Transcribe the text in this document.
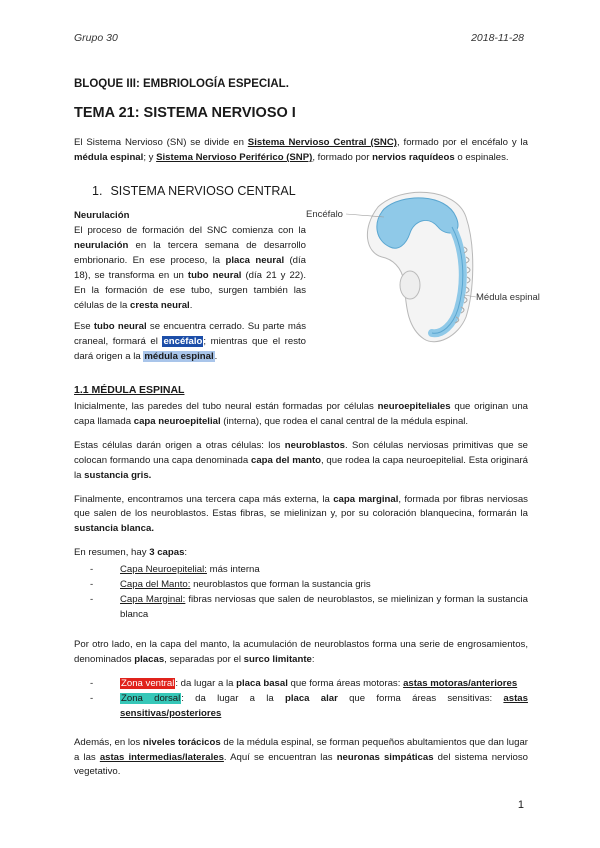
Grupo 30	2018-11-28
BLOQUE III: EMBRIOLOGÍA ESPECIAL.
TEMA 21: SISTEMA NERVIOSO I

El Sistema Nervioso (SN) se divide en Sistema Nervioso Central (SNC), formado por el encéfalo y la médula espinal; y Sistema Nervioso Periférico (SNP), formado por nervios raquídeos o espinales.

1. SISTEMA NERVIOSO CENTRAL
Neurulación

El proceso de formación del SNC comienza con la neurulación en la tercera semana de desarrollo embrionario. En ese proceso, la placa neural (día 18), se transforma en un tubo neural (día 21 y 22). En la formación de ese tubo, surgen también las células de la cresta neural.

Ese tubo neural se encuentra cerrado. Su parte más craneal, formará el encéfalo; mientras que el resto dará origen a la médula espinal.

Encéfalo
Médula espinal
1.1 MÉDULA ESPINAL

Inicialmente, las paredes del tubo neural están formadas por células neuroepiteliales que originan una capa llamada capa neuroepitelial (interna), que rodea el canal central de la médula espinal.

Estas células darán origen a otras células: los neuroblastos. Son células nerviosas primitivas que se colocan formando una capa denominada capa del manto, que rodea la capa neuroepitelial. Esta originará la sustancia gris.

Finalmente, encontramos una tercera capa más externa, la capa marginal, formada por fibras nerviosas que salen de los neuroblastos. Estas fibras, se mielinizan y, por su coloración blanquecina, formarán la sustancia blanca.

En resumen, hay 3 capas:

-	Capa Neuroepitelial: más interna
-	Capa del Manto: neuroblastos que forman la sustancia gris
-	Capa Marginal: fibras nerviosas que salen de neuroblastos, se mielinizan y forman la sustancia blanca

Por otro lado, en la capa del manto, la acumulación de neuroblastos forma una serie de engrosamientos, denominados placas, separadas por el surco limitante:

-	Zona ventral: da lugar a la placa basal que forma áreas motoras: astas motoras/anteriores
-	Zona dorsal: da lugar a la placa alar que forma áreas sensitivas: astas sensitivas/posteriores

Además, en los niveles torácicos de la médula espinal, se forman pequeños abultamientos que dan lugar a las astas intermedias/laterales. Aquí se encuentran las neuronas simpáticas del sistema nervioso vegetativo.

1
